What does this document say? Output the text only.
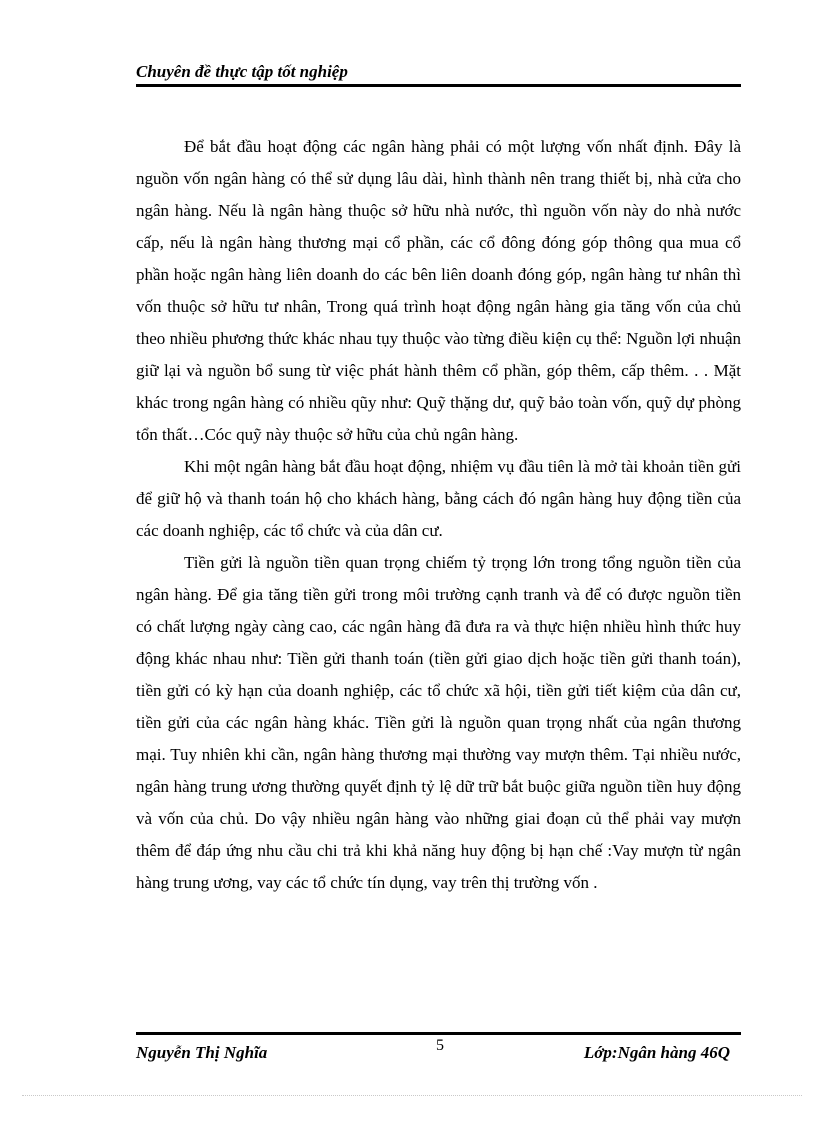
Chuyên đề thực tập tốt nghiệp

Để bắt đầu hoạt động các ngân hàng phải có một lượng vốn nhất định. Đây là nguồn vốn ngân hàng có thể sử dụng lâu dài, hình thành nên trang thiết bị, nhà cửa cho ngân hàng. Nếu là ngân hàng thuộc sở hữu nhà nước, thì nguồn vốn này do nhà nước cấp, nếu là ngân hàng thương mại cổ phần, các cổ đông đóng góp thông qua mua cổ phần hoặc ngân hàng liên doanh do các bên liên doanh đóng góp, ngân hàng tư nhân thì vốn thuộc sở hữu tư nhân, Trong quá trình hoạt động ngân hàng gia tăng vốn của chủ theo nhiều phương thức khác nhau tụy thuộc vào từng điều kiện cụ thể: Nguồn lợi nhuận giữ lại và nguồn bổ sung từ việc phát hành thêm cổ phần, góp thêm, cấp thêm. . . Mặt khác trong ngân hàng có nhiều qũy như: Quỹ thặng dư, quỹ bảo toàn vốn, quỹ dự phòng tổn thất…Cóc quỹ này thuộc sở hữu của chủ ngân hàng.

Khi một ngân hàng bắt đầu hoạt động, nhiệm vụ đầu tiên là mở tài khoản tiền gửi để giữ hộ và thanh toán hộ cho khách hàng, bằng cách đó ngân hàng huy động tiền của các doanh nghiệp, các tổ chức và của dân cư.

Tiền gửi là nguồn tiền quan trọng chiếm tỷ trọng lớn trong tổng nguồn tiền của ngân hàng. Để gia tăng tiền gửi trong môi trường cạnh tranh và để có được nguồn tiền có chất lượng ngày càng cao, các ngân hàng đã đưa ra và thực hiện nhiều hình thức huy động khác nhau như: Tiền gửi thanh toán (tiền gửi giao dịch hoặc tiền gửi thanh toán), tiền gửi có kỳ hạn của doanh nghiệp, các tổ chức xã hội, tiền gửi tiết kiệm của dân cư, tiền gửi của các ngân hàng khác. Tiền gửi là nguồn quan trọng nhất của ngân thương mại. Tuy nhiên khi cần, ngân hàng thương mại thường vay mượn thêm. Tại nhiều nước, ngân hàng trung ương thường quyết định tỷ lệ dữ trữ bắt buộc giữa nguồn tiền huy động và vốn của chủ. Do vậy nhiều ngân hàng vào những giai đoạn củ thể phải vay mượn thêm để đáp ứng nhu cầu chi trả khi khả năng huy động bị hạn chế :Vay mượn từ ngân hàng trung ương, vay các tổ chức tín dụng, vay trên thị trường vốn .

Nguyễn Thị Nghĩa	5	Lớp:Ngân hàng 46Q
